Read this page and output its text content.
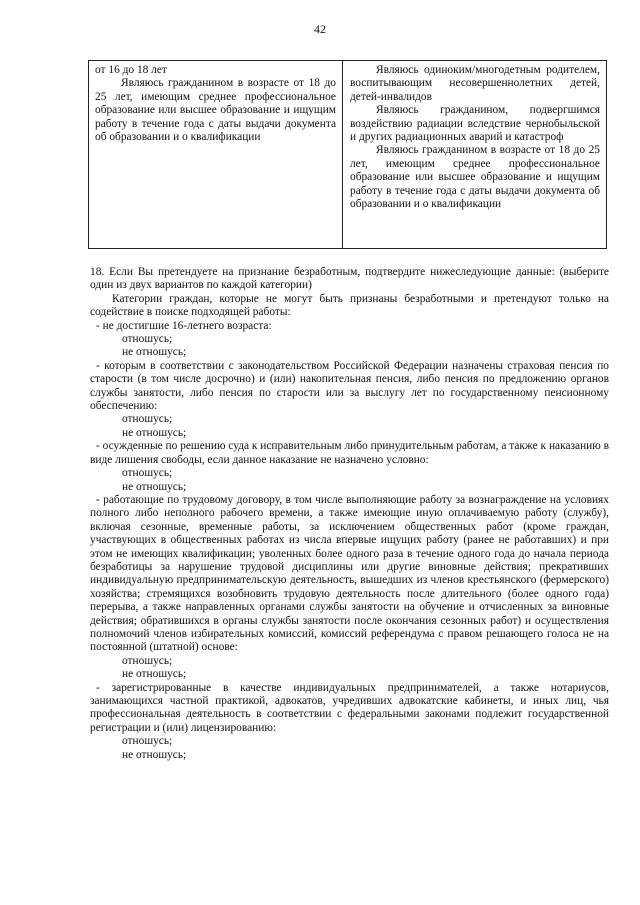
42

от 16 до 18 лет

Являюсь гражданином в возрасте от 18 до 25 лет, имеющим среднее профессиональное образование или высшее образование и ищущим работу в течение года с даты выдачи документа об образовании и о квалификации

Являюсь одиноким/многодетным родителем, воспитывающим несовершеннолетних детей, детей-инвалидов

Являюсь гражданином, подвергшимся воздействию радиации вследствие чернобыльской и других радиационных аварий и катастроф

Являюсь гражданином в возрасте от 18 до 25 лет, имеющим среднее профессиональное образование или высшее образование и ищущим работу в течение года с даты выдачи документа об образовании и о квалификации

18. Если Вы претендуете на признание безработным, подтвердите нижеследующие данные: (выберите один из двух вариантов по каждой категории)

Категории граждан, которые не могут быть признаны безработными и претендуют только на содействие в поиске подходящей работы:

- не достигшие 16-летнего возраста:

отношусь;

не отношусь;

- которым в соответствии с законодательством Российской Федерации назначены страховая пенсия по старости (в том числе досрочно) и (или) накопительная пенсия, либо пенсия по предложению органов службы занятости, либо пенсия по старости или за выслугу лет по государственному пенсионному обеспечению:

отношусь;

не отношусь;

- осужденные по решению суда к исправительным либо принудительным работам, а также к наказанию в виде лишения свободы, если данное наказание не назначено условно:

отношусь;

не отношусь;

- работающие по трудовому договору, в том числе выполняющие работу за вознаграждение на условиях полного либо неполного рабочего времени, а также имеющие иную оплачиваемую работу (службу), включая сезонные, временные работы, за исключением общественных работ (кроме граждан, участвующих в общественных работах из числа впервые ищущих работу (ранее не работавших) и при этом не имеющих квалификации; уволенных более одного раза в течение одного года до начала периода безработицы за нарушение трудовой дисциплины или другие виновные действия; прекративших индивидуальную предпринимательскую деятельность, вышедших из членов крестьянского (фермерского) хозяйства; стремящихся возобновить трудовую деятельность после длительного (более одного года) перерыва, а также направленных органами службы занятости на обучение и отчисленных за виновные действия; обратившихся в органы службы занятости после окончания сезонных работ) и осуществления полномочий членов избирательных комиссий, комиссий референдума с правом решающего голоса не на постоянной (штатной) основе:

отношусь;

не отношусь;

- зарегистрированные в качестве индивидуальных предпринимателей, а также нотариусов, занимающихся частной практикой, адвокатов, учредивших адвокатские кабинеты, и иных лиц, чья профессиональная деятельность в соответствии с федеральными законами подлежит государственной регистрации и (или) лицензированию:

отношусь;

не отношусь;
